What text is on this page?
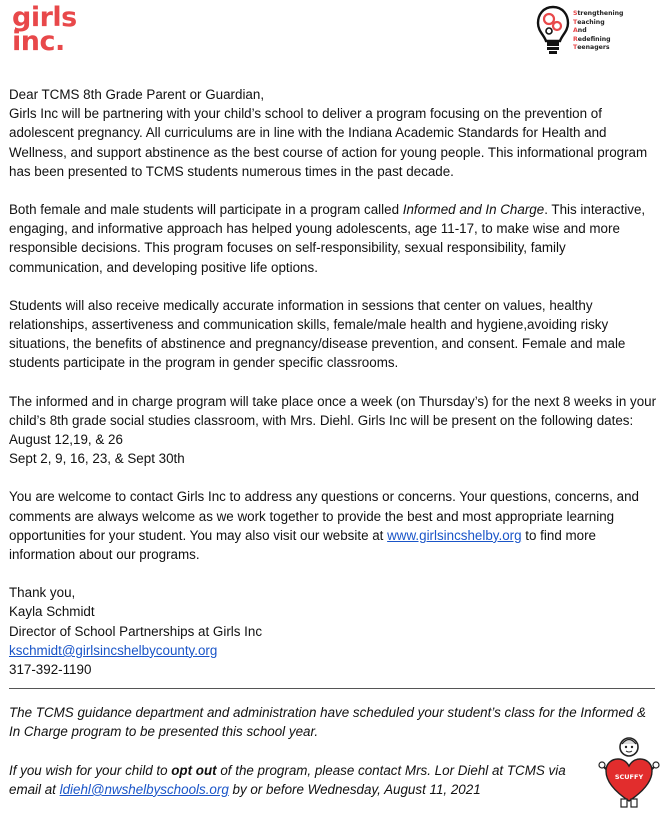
girls
inc.
Strengthening
Teaching
And
Redefining
Teenagers

Dear TCMS 8th Grade Parent or Guardian,

Girls Inc will be partnering with your child’s school to deliver a program focusing on the prevention of adolescent pregnancy. All curriculums are in line with the Indiana Academic Standards for Health and Wellness, and support abstinence as the best course of action for young people. This informational program has been presented to TCMS students numerous times in the past decade.

Both female and male students will participate in a program called Informed and In Charge. This interactive, engaging, and informative approach has helped young adolescents, age 11-17, to make wise and more responsible decisions. This program focuses on self-responsibility, sexual responsibility, family communication, and developing positive life options.

Students will also receive medically accurate information in sessions that center on values, healthy relationships, assertiveness and communication skills, female/male health and hygiene,avoiding risky situations, the benefits of abstinence and pregnancy/disease prevention, and consent. Female and male students participate in the program in gender specific classrooms.

The informed and in charge program will take place once a week (on Thursday’s) for the next 8 weeks in your child’s 8th grade social studies classroom, with Mrs. Diehl. Girls Inc will be present on the following dates:

August 12,19, & 26

Sept 2, 9, 16, 23, & Sept 30th

You are welcome to contact Girls Inc to address any questions or concerns. Your questions, concerns, and comments are always welcome as we work together to provide the best and most appropriate learning opportunities for your student. You may also visit our website at www.girlsincshelby.org to find more information about our programs.

Thank you,

Kayla Schmidt

Director of School Partnerships at Girls Inc

kschmidt@girlsincshelbycounty.org

317-392-1190

The TCMS guidance department and administration have scheduled your student’s class for the Informed & In Charge program to be presented this school year.

If you wish for your child to opt out of the program, please contact Mrs. Lor Diehl at TCMS via email at ldiehl@nwshelbyschools.org by or before Wednesday, August 11, 2021

SCUFFY
